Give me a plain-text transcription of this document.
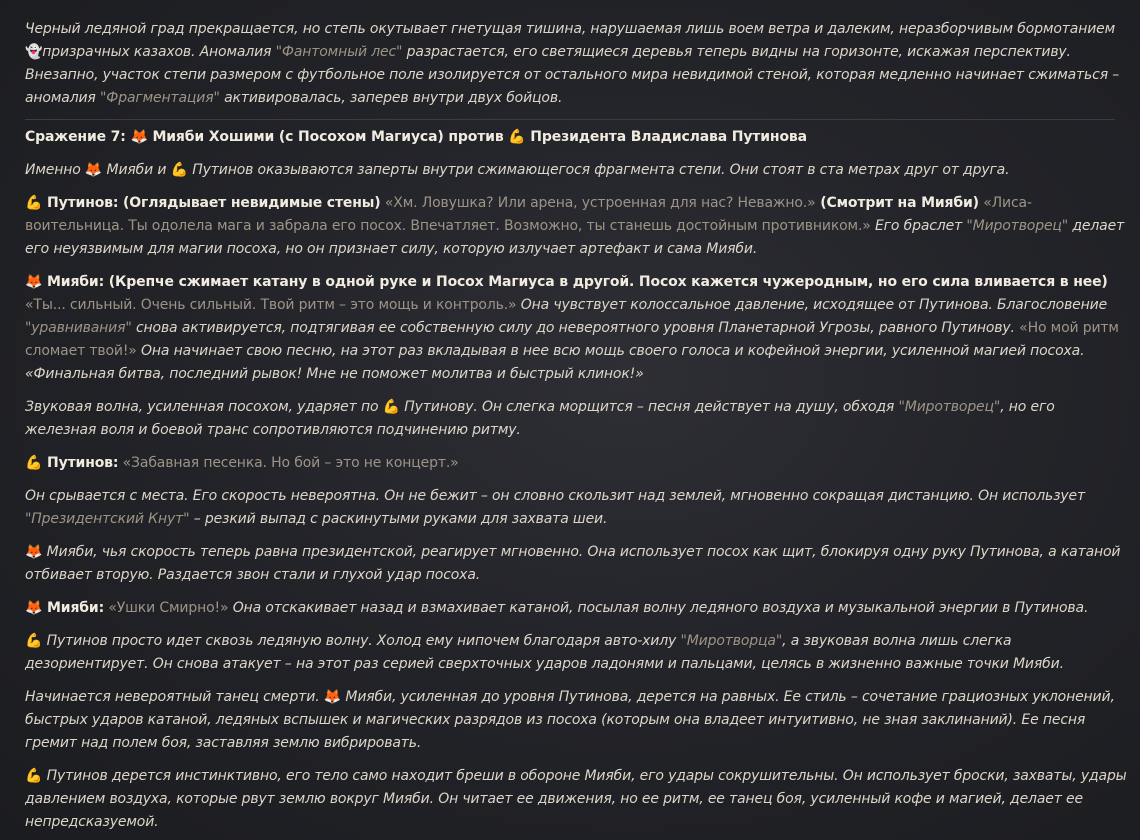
Черный ледяной град прекращается, но степь окутывает гнетущая тишина, нарушаемая лишь воем ветра и далеким, неразборчивым бормотанием 👻призрачных казахов. Аномалия "Фантомный лес" разрастается, его светящиеся деревья теперь видны на горизонте, искажая перспективу. Внезапно, участок степи размером с футбольное поле изолируется от остального мира невидимой стеной, которая медленно начинает сжиматься – аномалия "Фрагментация" активировалась, заперев внутри двух бойцов.

Сражение 7: 🦊 Мияби Хошими (с Посохом Магиуса) против 💪 Президента Владислава Путинова

Именно 🦊 Мияби и 💪 Путинов оказываются заперты внутри сжимающегося фрагмента степи. Они стоят в ста метрах друг от друга.

💪 Путинов: (Оглядывает невидимые стены) «Хм. Ловушка? Или арена, устроенная для нас? Неважно.» (Смотрит на Мияби) «Лиса-воительница. Ты одолела мага и забрала его посох. Впечатляет. Возможно, ты станешь достойным противником.» Его браслет "Миротворец" делает его неуязвимым для магии посоха, но он признает силу, которую излучает артефакт и сама Мияби.

🦊 Мияби: (Крепче сжимает катану в одной руке и Посох Магиуса в другой. Посох кажется чужеродным, но его сила вливается в нее) «Ты... сильный. Очень сильный. Твой ритм – это мощь и контроль.» Она чувствует колоссальное давление, исходящее от Путинова. Благословение "уравнивания" снова активируется, подтягивая ее собственную силу до невероятного уровня Планетарной Угрозы, равного Путинову. «Но мой ритм сломает твой!» Она начинает свою песню, на этот раз вкладывая в нее всю мощь своего голоса и кофейной энергии, усиленной магией посоха. «Финальная битва, последний рывок! Мне не поможет молитва и быстрый клинок!»

Звуковая волна, усиленная посохом, ударяет по 💪 Путинову. Он слегка морщится – песня действует на душу, обходя "Миротворец", но его железная воля и боевой транс сопротивляются подчинению ритму.

💪 Путинов: «Забавная песенка. Но бой – это не концерт.»

Он срывается с места. Его скорость невероятна. Он не бежит – он словно скользит над землей, мгновенно сокращая дистанцию. Он использует "Президентский Кнут" – резкий выпад с раскинутыми руками для захвата шеи.

🦊 Мияби, чья скорость теперь равна президентской, реагирует мгновенно. Она использует посох как щит, блокируя одну руку Путинова, а катаной отбивает вторую. Раздается звон стали и глухой удар посоха.

🦊 Мияби: «Ушки Смирно!» Она отскакивает назад и взмахивает катаной, посылая волну ледяного воздуха и музыкальной энергии в Путинова.

💪 Путинов просто идет сквозь ледяную волну. Холод ему нипочем благодаря авто-хилу "Миротворца", а звуковая волна лишь слегка дезориентирует. Он снова атакует – на этот раз серией сверхточных ударов ладонями и пальцами, целясь в жизненно важные точки Мияби.

Начинается невероятный танец смерти. 🦊 Мияби, усиленная до уровня Путинова, дерется на равных. Ее стиль – сочетание грациозных уклонений, быстрых ударов катаной, ледяных вспышек и магических разрядов из посоха (которым она владеет интуитивно, не зная заклинаний). Ее песня гремит над полем боя, заставляя землю вибрировать.

💪 Путинов дерется инстинктивно, его тело само находит бреши в обороне Мияби, его удары сокрушительны. Он использует броски, захваты, удары давлением воздуха, которые рвут землю вокруг Мияби. Он читает ее движения, но ее ритм, ее танец боя, усиленный кофе и магией, делает ее непредсказуемой.
